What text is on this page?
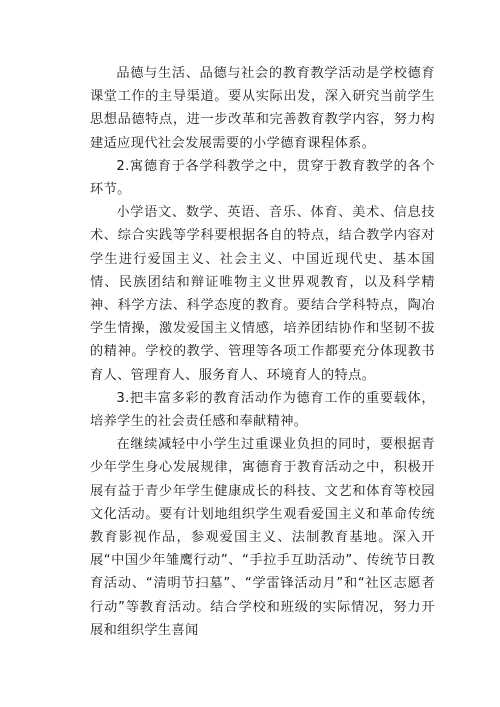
品德与生活、品德与社会的教育教学活动是学校德育课堂工作的主导渠道。要从实际出发，深入研究当前学生思想品德特点，进一步改革和完善教育教学内容，努力构建适应现代社会发展需要的小学德育课程体系。

2.寓德育于各学科教学之中，贯穿于教育教学的各个环节。

小学语文、数学、英语、音乐、体育、美术、信息技术、综合实践等学科要根据各自的特点，结合教学内容对学生进行爱国主义、社会主义、中国近现代史、基本国情、民族团结和辩证唯物主义世界观教育，以及科学精神、科学方法、科学态度的教育。要结合学科特点，陶冶学生情操，激发爱国主义情感，培养团结协作和坚韧不拔的精神。学校的教学、管理等各项工作都要充分体现教书育人、管理育人、服务育人、环境育人的特点。

3.把丰富多彩的教育活动作为德育工作的重要载体，培养学生的社会责任感和奉献精神。

在继续减轻中小学生过重课业负担的同时，要根据青少年学生身心发展规律，寓德育于教育活动之中，积极开展有益于青少年学生健康成长的科技、文艺和体育等校园文化活动。要有计划地组织学生观看爱国主义和革命传统教育影视作品，参观爱国主义、法制教育基地。深入开展“中国少年雏鹰行动”、“手拉手互助活动”、传统节日教育活动、“清明节扫墓”、“学雷锋活动月”和“社区志愿者行动”等教育活动。结合学校和班级的实际情况，努力开展和组织学生喜闻
